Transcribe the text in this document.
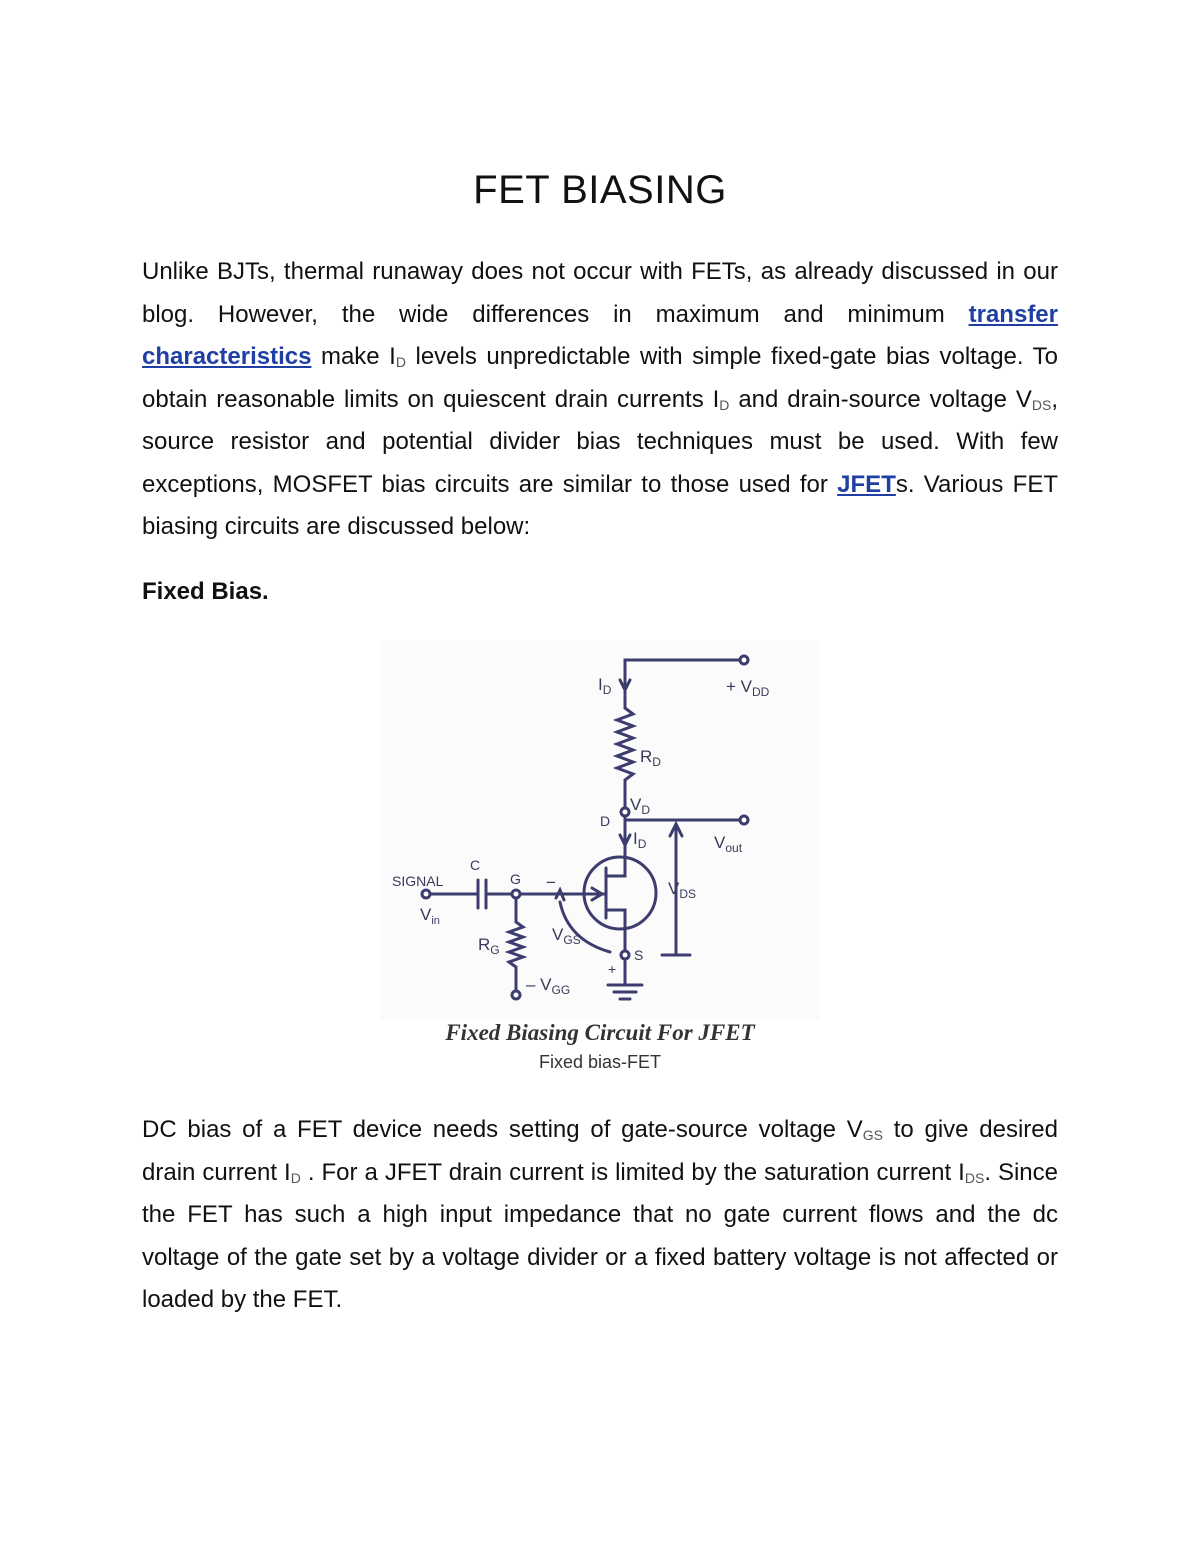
FET BIASING

Unlike BJTs, thermal runaway does not occur with FETs, as already discussed in our blog. However, the wide differences in maximum and minimum transfer characteristics make $I_D$ levels unpredictable with simple fixed-gate bias voltage. To obtain reasonable limits on quiescent drain currents $I_D$ and drain-source voltage $V_{DS}$, source resistor and potential divider bias techniques must be used. With few exceptions, MOSFET bias circuits are similar to those used for JFETs. Various FET biasing circuits are discussed below:

Fixed Bias.
+ $V_{DD}$
$I_D$
$R_D$
$V_D$
D
$I_D$	$V_{out}$
C
G
SIGNAL
$V_{in}$
−	$V_{DS}$
$R_G$
$V_{GS}$
S
+
– $V_{GG}$
Fixed Biasing Circuit For JFET
Fixed bias-FET

DC bias of a FET device needs setting of gate-source voltage $V_{GS}$ to give desired drain current $I_D$ . For a JFET drain current is limited by the saturation current $I_{DS}$. Since the FET has such a high input impedance that no gate current flows and the dc voltage of the gate set by a voltage divider or a fixed battery voltage is not affected or loaded by the FET.
